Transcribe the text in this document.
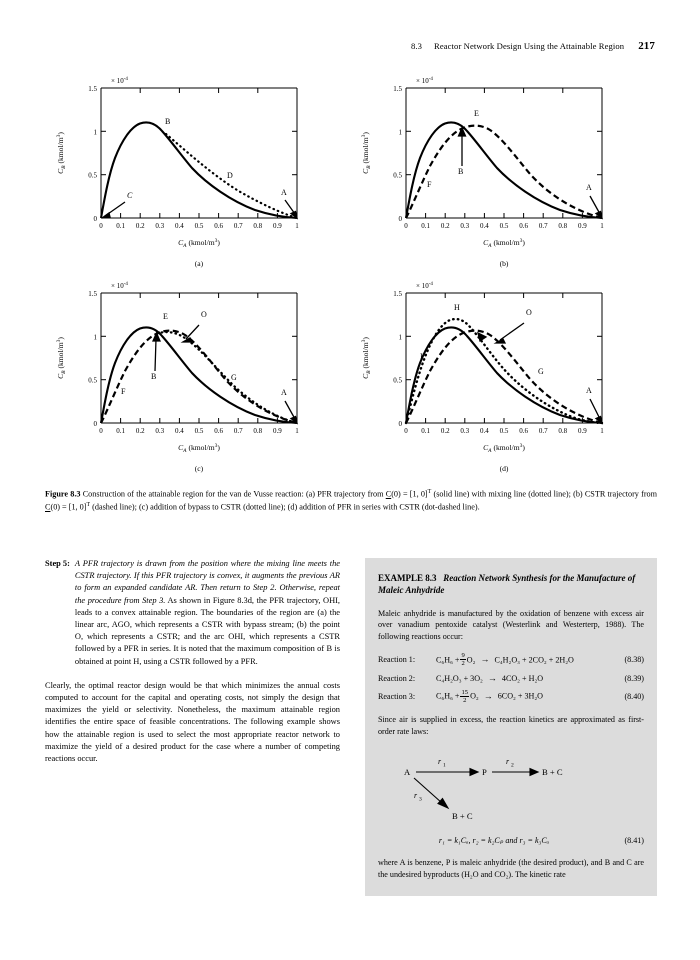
8.3 Reactor Network Design Using the Attainable Region 217
0 0.1 0.2 0.3 0.4 0.5 0.6 0.7 0.8 0.9 1
0
0.5
1
1.5
× $10^{-4}$
B
D
C	A
$C_A$ $(kmol/m^3)$
$C_B$ $(kmol/m^3)$
(a)
0 0.1 0.2 0.3 0.4 0.5 0.6 0.7 0.8 0.9 1
0
0.5
1
1.5
× $10^{-4}$
E
B
F	A
$C_A$ $(kmol/m^3)$
$C_B$ $(kmol/m^3)$
(b)
0 0.1 0.2 0.3 0.4 0.5 0.6 0.7 0.8 0.9 1
0
0.5
1
1.5
× $10^{-4}$
E	O
B	G
F	A
$C_A$ $(kmol/m^3)$
$C_B$ $(kmol/m^3)$
(c)
0 0.1 0.2 0.3 0.4 0.5 0.6 0.7 0.8 0.9 1
0
0.5
1
1.5
× $10^{-4}$
H
O
I
G
A
$C_A$ $(kmol/m^3)$
$C_B$ $(kmol/m^3)$
(d)
Figure 8.3 Construction of the attainable region for the van de Vusse reaction: (a) PFR trajectory from C(0) = [1, 0]$^T$ (solid line) with mixing line (dotted line); (b) CSTR trajectory from C(0) = [1, 0]$^T$ (dashed line); (c) addition of bypass to CSTR (dotted line); (d) addition of PFR in series with CSTR (dot-dashed line).
Step 5: A PFR trajectory is drawn from the position where the mixing line meets the CSTR trajectory. If this PFR trajectory is convex, it augments the previous AR to form an expanded candidate AR. Then return to Step 2. Otherwise, repeat the procedure from Step 3. As shown in Figure 8.3d, the PFR trajectory, OHI, leads to a convex attainable region. The boundaries of the region are (a) the linear arc, AGO, which represents a CSTR with bypass stream; (b) the point O, which represents a CSTR; and the arc OHI, which represents a CSTR followed by a PFR in series. It is noted that the maximum composition of B is obtained at point H, using a CSTR followed by a PFR.

Clearly, the optimal reactor design would be that which minimizes the annual costs computed to account for the capital and operating costs, not simply the design that maximizes the yield or selectivity. Nonetheless, the maximum attainable region identifies the entire space of feasible concentrations. The following example shows how the attainable region is used to select the most appropriate reactor network to maximize the yield of a desired product for the case where a number of competing reactions occur.

EXAMPLE 8.3 Reaction Network Synthesis for the Manufacture of Maleic Anhydride
Maleic anhydride is manufactured by the oxidation of benzene with excess air over vanadium pentoxide catalyst (Westerlink and Westerterp, 1988). The following reactions occur:
Reaction 1:	$C_6H_6 + \frac{9}{2} O_2 \to C_4H_2O_3 + 2CO_2 + 2H_2O$	(8.38)
Reaction 2:	C₄H₂O₃ + 3O₂ → 4CO₂ + H₂O	(8.39)
Reaction 3:	$C_6H_6 + \frac{15}{2} O_2 \to 6CO_2 + 3H_2O$	(8.40)
Since air is supplied in excess, the reaction kinetics are approximated as first-order rate laws:
A	P	B + C
B + C
r 1	r 2
r 3
r₁ = k₁Cₐ, r₂ = k₂Cₚ and r₃ = k₃Cₐ	(8.41)
where A is benzene, P is maleic anhydride (the desired product), and B and C are the undesired byproducts (H₂O and CO₂). The kinetic rate
